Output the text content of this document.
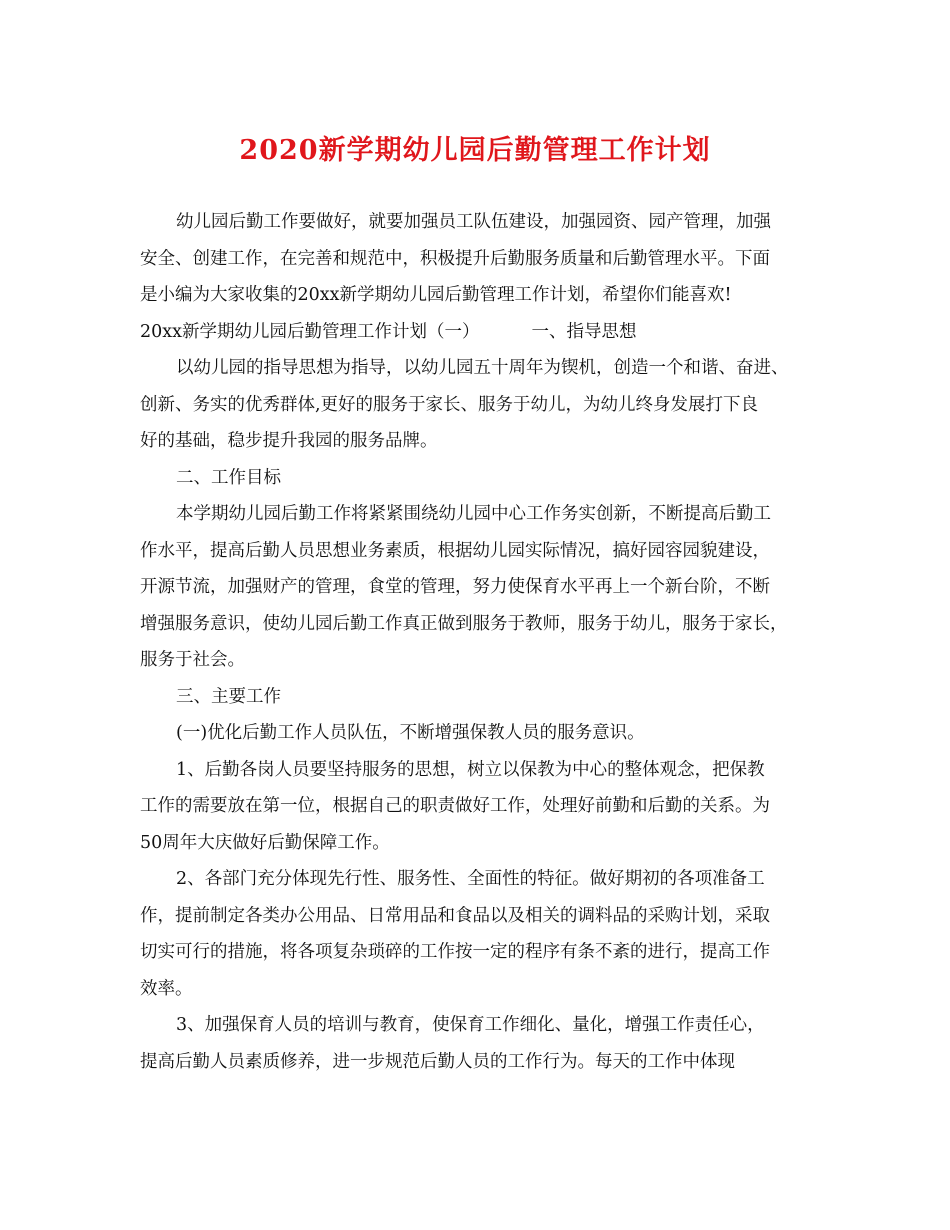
2020新学期幼儿园后勤管理工作计划
幼儿园后勤工作要做好，就要加强员工队伍建设，加强园资、园产管理，加强
安全、创建工作，在完善和规范中，积极提升后勤服务质量和后勤管理水平。下面
是小编为大家收集的20xx新学期幼儿园后勤管理工作计划，希望你们能喜欢!
20xx新学期幼儿园后勤管理工作计划（一）	一、指导思想
以幼儿园的指导思想为指导，以幼儿园五十周年为锲机，创造一个和谐、奋进、
创新、务实的优秀群体,更好的服务于家长、服务于幼儿，为幼儿终身发展打下良
好的基础，稳步提升我园的服务品牌。
二、工作目标
本学期幼儿园后勤工作将紧紧围绕幼儿园中心工作务实创新，不断提高后勤工
作水平，提高后勤人员思想业务素质，根据幼儿园实际情况，搞好园容园貌建设，
开源节流，加强财产的管理，食堂的管理，努力使保育水平再上一个新台阶，不断
增强服务意识，使幼儿园后勤工作真正做到服务于教师，服务于幼儿，服务于家长，
服务于社会。
三、主要工作
(一)优化后勤工作人员队伍，不断增强保教人员的服务意识。
1、后勤各岗人员要坚持服务的思想，树立以保教为中心的整体观念，把保教
工作的需要放在第一位，根据自己的职责做好工作，处理好前勤和后勤的关系。为
50周年大庆做好后勤保障工作。
2、各部门充分体现先行性、服务性、全面性的特征。做好期初的各项准备工
作，提前制定各类办公用品、日常用品和食品以及相关的调料品的采购计划，采取
切实可行的措施，将各项复杂琐碎的工作按一定的程序有条不紊的进行，提高工作
效率。
3、加强保育人员的培训与教育，使保育工作细化、量化，增强工作责任心，
提高后勤人员素质修养，进一步规范后勤人员的工作行为。每天的工作中体现
